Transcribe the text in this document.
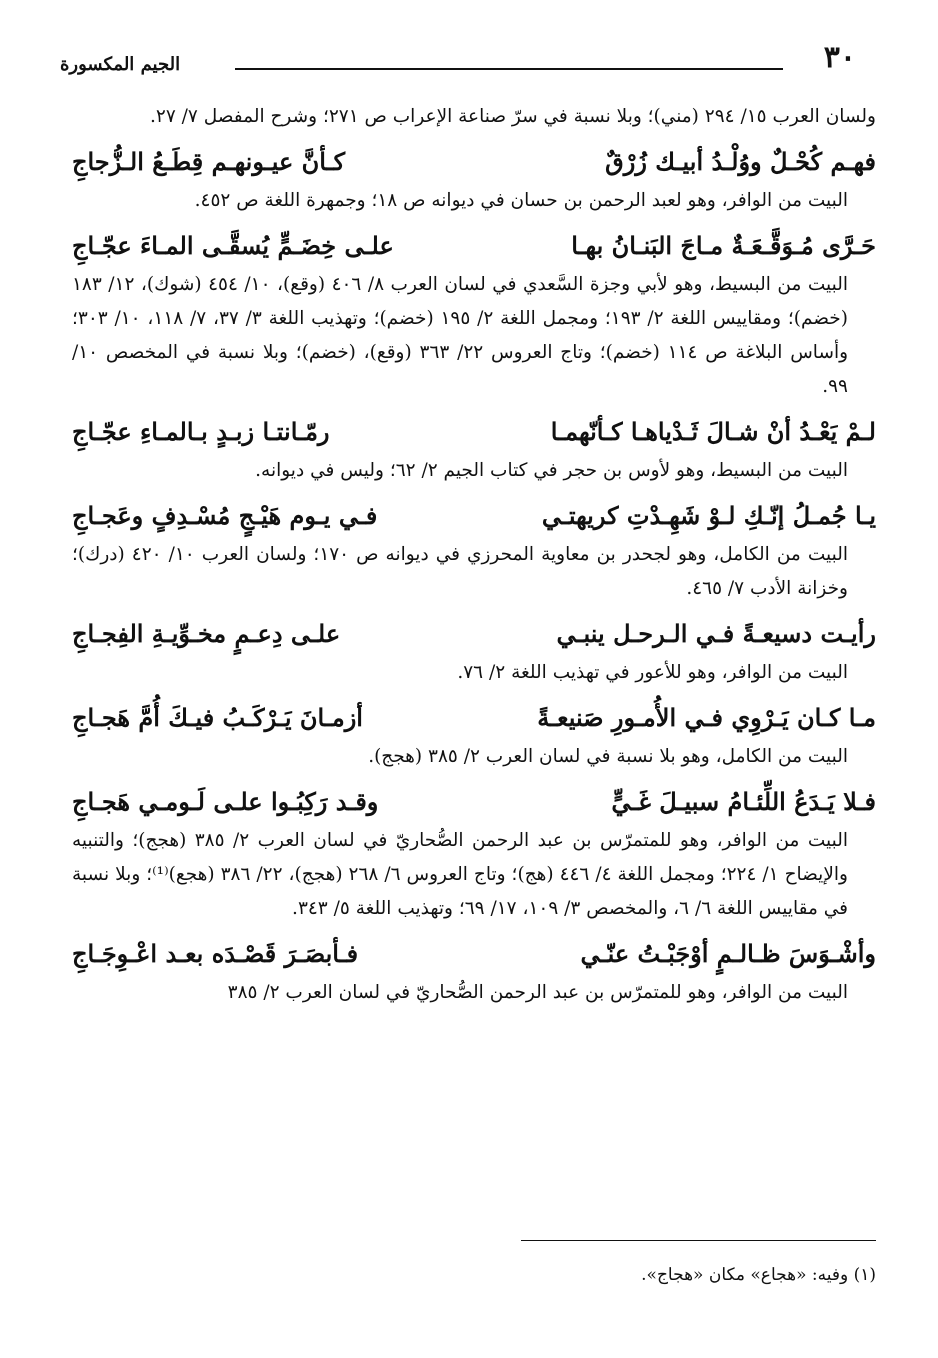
٣٠
الجيم المكسورة

ولسان العرب ١٥/ ٢٩٤ (مني)؛ وبلا نسبة في سرّ صناعة الإعراب ص ٢٧١؛ وشرح المفصل ٧/ ٢٧.

فهـم كُحْـلٌ ووُلْـدُ أبيـك زُرْقٌ
كـأنَّ عيـونهـم قِطَـعُ الـزُّجاجِ

البيت من الوافر، وهو لعبد الرحمن بن حسان في ديوانه ص ١٨؛ وجمهرة اللغة ص ٤٥٢.

حَـرَّى مُـوَقَّـعَـةٌ مـاجَ البَنـانُ بهـا
علـى خِضَـمٍّ يُسقَّـى المـاءَ عجّـاجِ

البيت من البسيط، وهو لأبي وجزة السَّعدي في لسان العرب ٨/ ٤٠٦ (وقع)، ١٠/ ٤٥٤ (شوك)، ١٢/ ١٨٣ (خضم)؛ ومقاييس اللغة ٢/ ١٩٣؛ ومجمل اللغة ٢/ ١٩٥ (خضم)؛ وتهذيب اللغة ٣/ ٣٧، ٧/ ١١٨، ١٠/ ٣٠٣؛ وأساس البلاغة ص ١١٤ (خضم)؛ وتاج العروس ٢٢/ ٣٦٣ (وقع)، (خضم)؛ وبلا نسبة في المخصص ١٠/ ٩٩.

لـمْ يَعْـدُ أنْ شـالَ ثَـدْياهـا كـأنّهمـا
رمّـانتـا زبـدٍ بـالمـاءِ عجّـاجِ

البيت من البسيط، وهو لأوس بن حجر في كتاب الجيم ٢/ ٦٢؛ وليس في ديوانه.

يـا جُمـلُ إنّـكِ لـوْ شَهِـدْتِ كريهتـي
فـي يـوم هَيْـجٍ مُسْـدِفٍ وعَجـاجِ

البيت من الكامل، وهو لجحدر بن معاوية المحرزي في ديوانه ص ١٧٠؛ ولسان العرب ١٠/ ٤٢٠ (درك)؛ وخزانة الأدب ٧/ ٤٦٥.

رأيـت دسيعـةً فـي الـرحـل ينبـي
علـى دِعـمٍ مخـوِّيـةِ الفِجـاجِ

البيت من الوافر، وهو للأعور في تهذيب اللغة ٢/ ٧٦.

مـا كـان يَـرْوِي فـي الأُمـورِ صَنيعـةً
أزمـانَ يَـرْكَـبُ فيـكَ أُمَّ هَجـاجِ

البيت من الكامل، وهو بلا نسبة في لسان العرب ٢/ ٣٨٥ (هجج).

فـلا يَـدَعُ اللِّئـامُ سبيـلَ غَـيٍّ
وقـد رَكِبُـوا علـى لَـومـي هَجـاجِ

البيت من الوافر، وهو للمتمرّس بن عبد الرحمن الصُّحاريّ في لسان العرب ٢/ ٣٨٥ (هجج)؛ والتنبيه والإيضاح ١/ ٢٢٤؛ ومجمل اللغة ٤/ ٤٤٦ (هج)؛ وتاج العروس ٦/ ٢٦٨ (هجج)، ٢٢/ ٣٨٦ (هجع)⁽¹⁾؛ وبلا نسبة في مقاييس اللغة ٦/ ٦، والمخصص ٣/ ١٠٩، ١٧/ ٦٩؛ وتهذيب اللغة ٥/ ٣٤٣.

وأشْـوَسَ ظـالـمٍ أوْجَبْـتُ عنّـي
فـأبصَـرَ قَصْـدَه بعـد اعْـوِجَـاجِ

البيت من الوافر، وهو للمتمرّس بن عبد الرحمن الصُّحاريّ في لسان العرب ٢/ ٣٨٥

(١) وفيه: «هجاع» مكان «هجاج».
